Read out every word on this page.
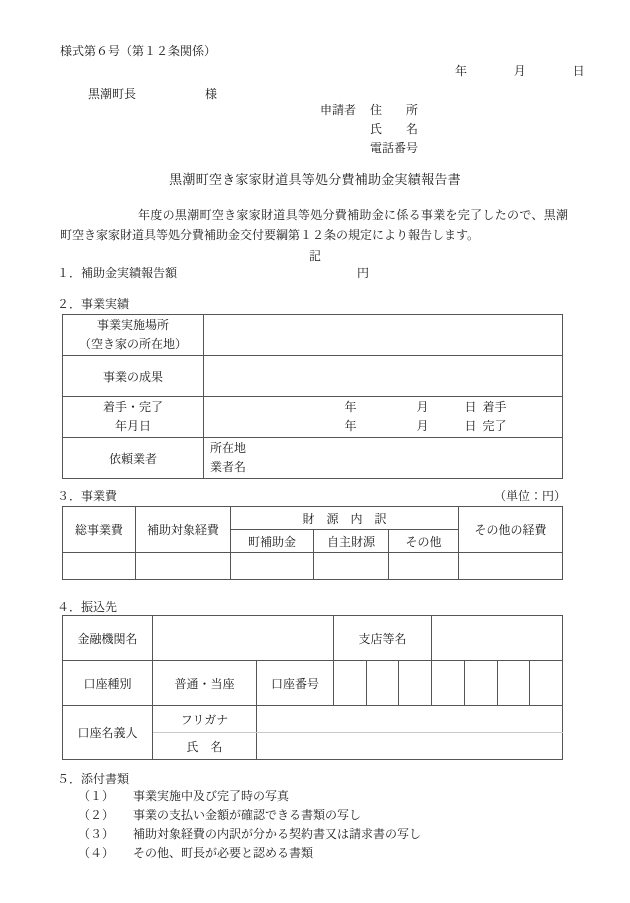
様式第６号（第１２条関係）
年　月　日
黒潮町長	様
申請者 住　　所
氏　　名
電話番号
黒潮町空き家家財道具等処分費補助金実績報告書
年度の黒潮町空き家家財道具等処分費補助金に係る事業を完了したので、黒潮町空き家家財道具等処分費補助金交付要綱第１２条の規定により報告します。
記
１．補助金実績報告額	円
２．事業実績
事業実施場所
（空き家の所在地）	

事業の成果	

着手・完了
年月日	年 月 日 着手
年 月 日 完了

依頼業者	所在地
業者名
３．事業費	（単位：円）
総事業費	補助対象経費	財　源　内　訳			その他の経費
		町補助金	自主財源	その他	

４．振込先
金融機関名			支店等名						
口座種別	普通・当座	口座番号							
口座名義人	フリガナ								
	氏　名								
５．添付書類
（１） 事業実施中及び完了時の写真
（２） 事業の支払い金額が確認できる書類の写し
（３） 補助対象経費の内訳が分かる契約書又は請求書の写し
（４） その他、町長が必要と認める書類
